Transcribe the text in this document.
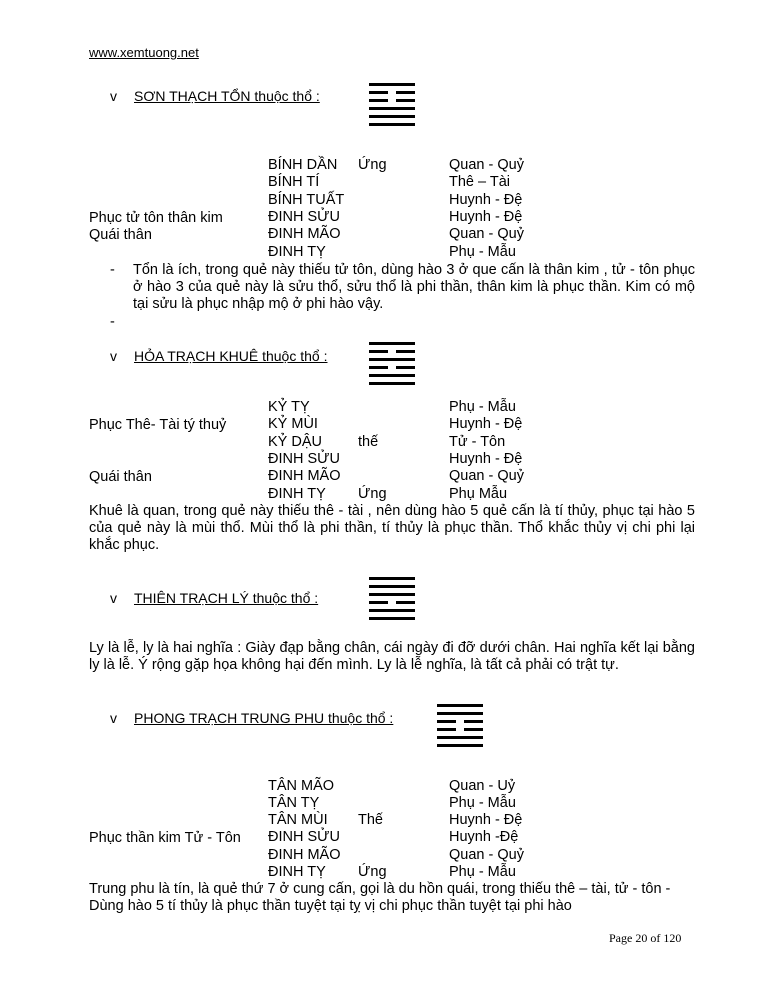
www.xemtuong.net
v SƠN THẠCH TỔN thuộc thổ :
Phục tử tôn thân kim
Quái thân
BÍNH DẦN
BÍNH TÍ
BÍNH TUẤT
ĐINH SỬU
ĐINH MÃO
ĐINH TỴ
Ứng	Quan - Quỷ
Thê – Tài
Huynh - Đệ
Huynh - Đệ
Quan - Quỷ
Phụ - Mẫu
- Tổn là ích, trong quẻ này thiếu tử tôn, dùng hào 3 ở que cấn là thân kim , tử - tôn phục ở hào 3 của quẻ này là sửu thổ, sửu thổ là phi thần, thân kim là phục thần. Kim có mộ tại sửu là phục nhập mộ ở phi hào vậy.
-
v HỎA TRẠCH KHUÊ thuộc thổ :
Phục Thê- Tài tý thuỷ
Quái thân
KỶ TỴ
KỶ MÙI
KỶ DẬU
ĐINH SỬU
ĐINH MÃO
ĐINH TỴ
thế
Ứng
Phụ - Mẫu
Huynh - Đệ
Tử - Tôn
Huynh - Đệ
Quan - Quỷ
Phụ Mẫu
Khuê là quan, trong quẻ này thiếu thê - tài , nên dùng hào 5 quẻ cấn là tí thủy, phục tại hào 5 của quẻ này là mùi thổ. Mùi thổ là phi thần, tí thủy là phục thần. Thổ khắc thủy vị chi phi lại khắc phục.
v THIÊN TRẠCH LÝ thuộc thổ :
Ly là lễ, ly là hai nghĩa : Giày đạp bằng chân, cái ngày đi đỡ dưới chân. Hai nghĩa kết lại bằng ly là lễ. Ý rộng gặp họa không hại đến mình. Ly là lễ nghĩa, là tất cả phải có trật tự.
v PHONG TRẠCH TRUNG PHU thuộc thổ :
Phục thần kim Tử - Tôn
TÂN MÃO
TÂN TỴ
TÂN MÙI
ĐINH SỬU
ĐINH MÃO
ĐINH TỴ
Thế
Ứng
Quan - Uỷ
Phụ - Mẫu
Huynh - Đệ
Huynh -Đệ
Quan - Quỷ
Phụ - Mẫu
Trung phu là tín, là quẻ thứ 7 ở cung cấn, gọi là du hồn quái, trong thiếu thê – tài, tử - tôn - Dùng hào 5 tí thủy là phục thần tuyệt tại tỵ vị chi phục thần tuyệt tại phi hào
Page 20 of 120
